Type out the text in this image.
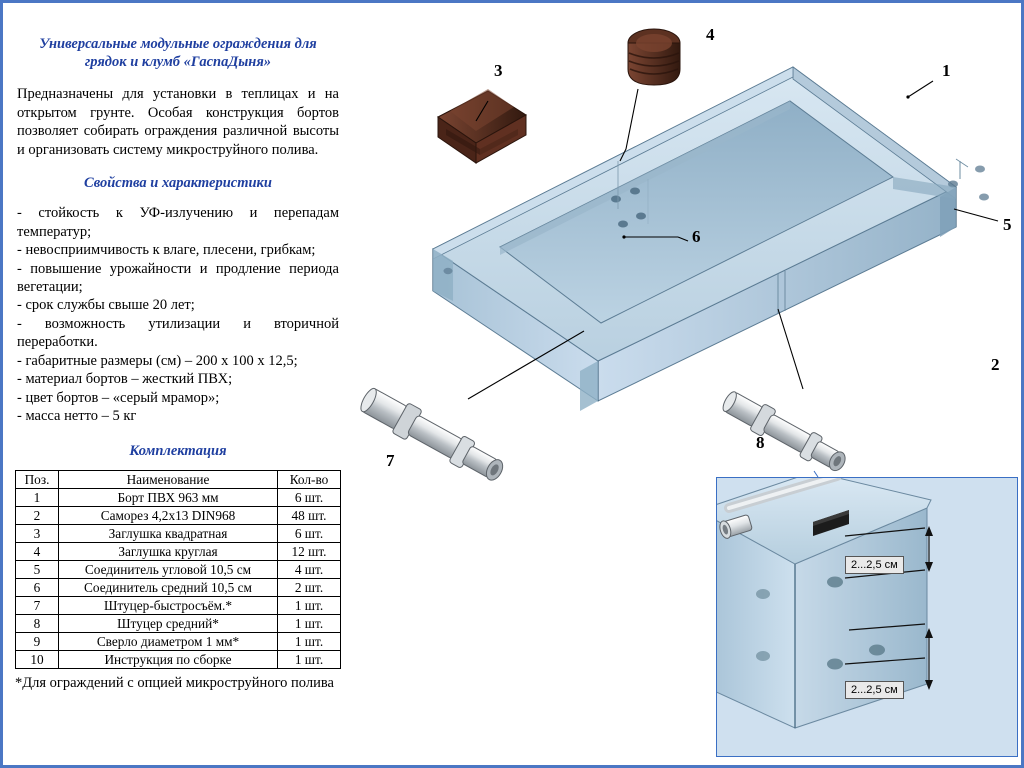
Универсальные модульные ограждения для
грядок и клумб «ГаспаДыня»
Предназначены для установки в теплицах и на открытом грунте. Особая конструкция бортов позволяет собирать ограждения различной высоты и организовать систему микроструйного полива.
Свойства и характеристики
- стойкость к УФ-излучению и перепадам температур;
- невосприимчивость к влаге, плесени, грибкам;
- повышение урожайности и продление периода вегетации;
- срок службы свыше 20 лет;
- возможность утилизации и вторичной переработки.
- габаритные размеры (см) – 200 х 100 х 12,5;
- материал бортов – жесткий ПВХ;
- цвет бортов – «серый мрамор»;
- масса нетто – 5 кг
Комплектация
Поз.	Наименование	Кол-во
1	Борт ПВХ 963 мм	6 шт.
2	Саморез 4,2х13 DIN968	48 шт.
3	Заглушка квадратная	6 шт.
4	Заглушка круглая	12 шт.
5	Соединитель угловой 10,5 см	4 шт.
6	Соединитель средний 10,5 см	2 шт.
7	Штуцер-быстросъём.*	1 шт.
8	Штуцер средний*	1 шт.
9	Сверло диаметром 1 мм*	1 шт.
10	Инструкция по сборке	1 шт.
*Для ограждений с опцией микроструйного полива
1
2
3
4
5
6
7
8
2...2,5 см
2...2,5 см
